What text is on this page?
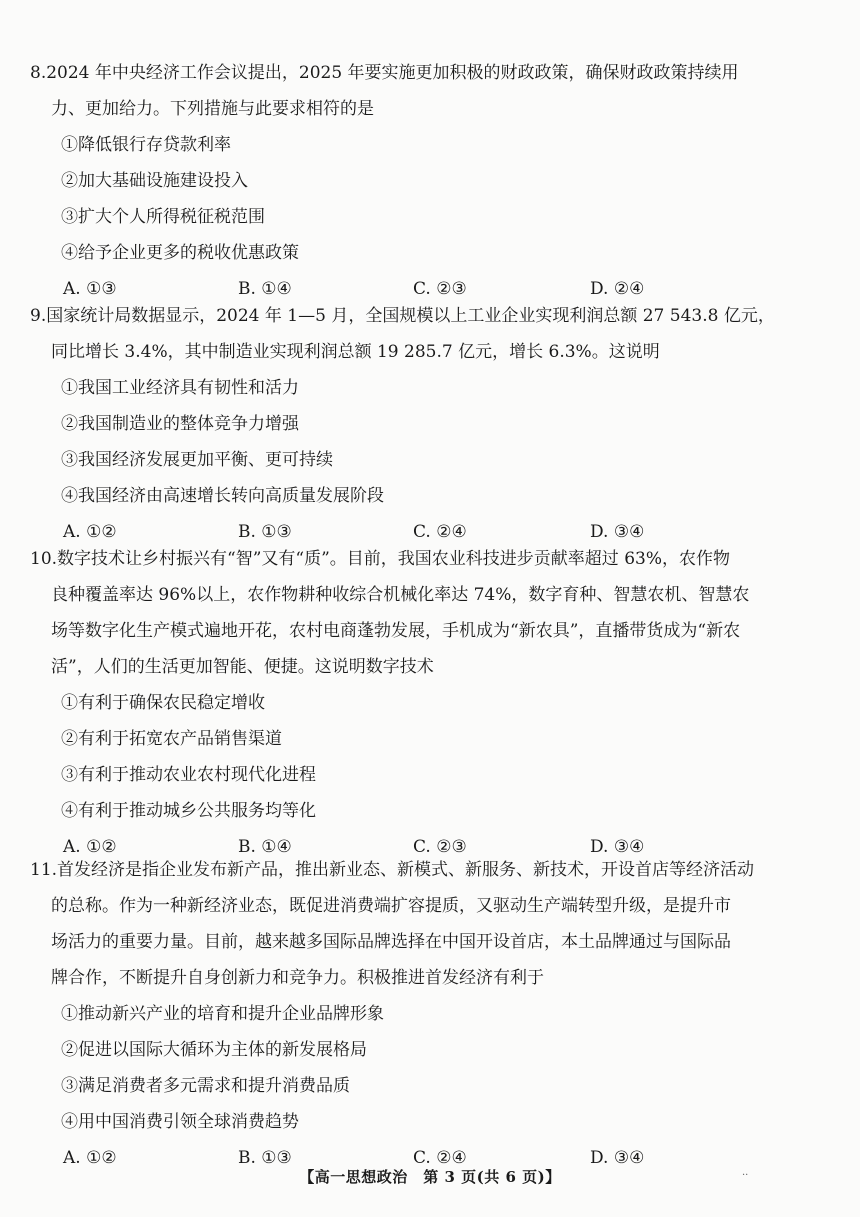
8.2024 年中央经济工作会议提出，2025 年要实施更加积极的财政政策，确保财政政策持续用
力、更加给力。下列措施与此要求相符的是

①降低银行存贷款利率
②加大基础设施建设投入
③扩大个人所得税征税范围
④给予企业更多的税收优惠政策
A. ①③	B. ①④	C. ②③	D. ②④

9.国家统计局数据显示，2024 年 1—5 月，全国规模以上工业企业实现利润总额 27 543.8 亿元，
同比增长 3.4%，其中制造业实现利润总额 19 285.7 亿元，增长 6.3%。这说明

①我国工业经济具有韧性和活力
②我国制造业的整体竞争力增强
③我国经济发展更加平衡、更可持续
④我国经济由高速增长转向高质量发展阶段
A. ①②	B. ①③	C. ②④	D. ③④

10.数字技术让乡村振兴有“智”又有“质”。目前，我国农业科技进步贡献率超过 63%，农作物
良种覆盖率达 96%以上，农作物耕种收综合机械化率达 74%，数字育种、智慧农机、智慧农
场等数字化生产模式遍地开花，农村电商蓬勃发展，手机成为“新农具”，直播带货成为“新农
活”，人们的生活更加智能、便捷。这说明数字技术

①有利于确保农民稳定增收
②有利于拓宽农产品销售渠道
③有利于推动农业农村现代化进程
④有利于推动城乡公共服务均等化
A. ①②	B. ①④	C. ②③	D. ③④

11.首发经济是指企业发布新产品，推出新业态、新模式、新服务、新技术，开设首店等经济活动
的总称。作为一种新经济业态，既促进消费端扩容提质，又驱动生产端转型升级，是提升市
场活力的重要力量。目前，越来越多国际品牌选择在中国开设首店，本土品牌通过与国际品
牌合作，不断提升自身创新力和竞争力。积极推进首发经济有利于

①推动新兴产业的培育和提升企业品牌形象
②促进以国际大循环为主体的新发展格局
③满足消费者多元需求和提升消费品质
④用中国消费引领全球消费趋势
A. ①②	B. ①③	C. ②④	D. ③④
【高一思想政治　第 3 页(共 6 页)】	··
